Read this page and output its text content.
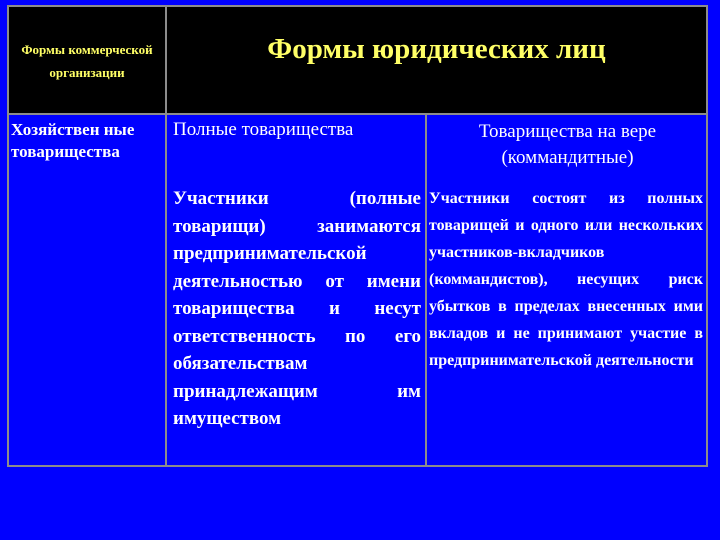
Формы коммерческой организации
Формы юридических лиц
Хозяйствен ные товарищества
Полные товарищества	Товарищества на вере (коммандитные)
Участники (полные товарищи) занимаются предпринимательской деятельностью от имени товарищества и несут ответственность по его обязательствам принадлежащим им имуществом
Участники состоят из полных товарищей и одного или нескольких участников-вкладчиков (коммандистов), несущих риск убытков в пределах внесенных ими вкладов и не принимают участие в предпринимательской деятельности
